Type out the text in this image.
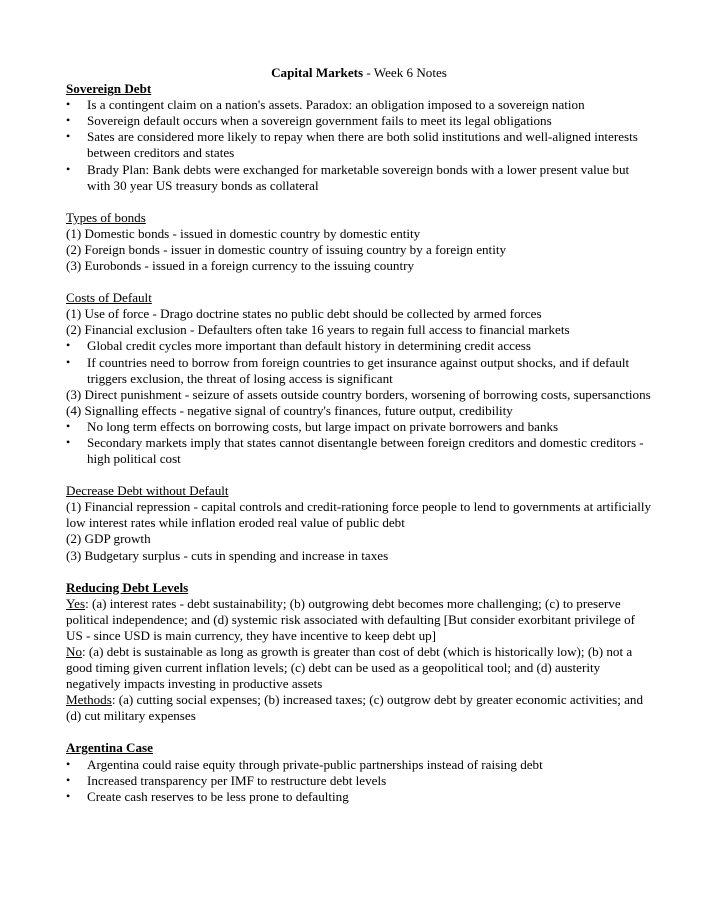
Capital Markets - Week 6 Notes

Sovereign Debt

• Is a contingent claim on a nation's assets. Paradox: an obligation imposed to a sovereign nation
• Sovereign default occurs when a sovereign government fails to meet its legal obligations
• Sates are considered more likely to repay when there are both solid institutions and well-aligned interests between creditors and states
• Brady Plan: Bank debts were exchanged for marketable sovereign bonds with a lower present value but with 30 year US treasury bonds as collateral

Types of bonds

(1) Domestic bonds - issued in domestic country by domestic entity

(2) Foreign bonds - issuer in domestic country of issuing country by a foreign entity

(3) Eurobonds - issued in a foreign currency to the issuing country

Costs of Default

(1) Use of force - Drago doctrine states no public debt should be collected by armed forces

(2) Financial exclusion - Defaulters often take 16 years to regain full access to financial markets

• Global credit cycles more important than default history in determining credit access
• If countries need to borrow from foreign countries to get insurance against output shocks, and if default triggers exclusion, the threat of losing access is significant

(3) Direct punishment - seizure of assets outside country borders, worsening of borrowing costs, supersanctions

(4) Signalling effects - negative signal of country's finances, future output, credibility

• No long term effects on borrowing costs, but large impact on private borrowers and banks
• Secondary markets imply that states cannot disentangle between foreign creditors and domestic creditors - high political cost

Decrease Debt without Default

(1) Financial repression - capital controls and credit-rationing force people to lend to governments at artificially low interest rates while inflation eroded real value of public debt

(2) GDP growth

(3) Budgetary surplus - cuts in spending and increase in taxes

Reducing Debt Levels

Yes: (a) interest rates - debt sustainability; (b) outgrowing debt becomes more challenging; (c) to preserve political independence; and (d) systemic risk associated with defaulting [But consider exorbitant privilege of US - since USD is main currency, they have incentive to keep debt up]

No: (a) debt is sustainable as long as growth is greater than cost of debt (which is historically low); (b) not a good timing given current inflation levels; (c) debt can be used as a geopolitical tool; and (d) austerity negatively impacts investing in productive assets

Methods: (a) cutting social expenses; (b) increased taxes; (c) outgrow debt by greater economic activities; and (d) cut military expenses

Argentina Case

• Argentina could raise equity through private-public partnerships instead of raising debt
• Increased transparency per IMF to restructure debt levels
• Create cash reserves to be less prone to defaulting
